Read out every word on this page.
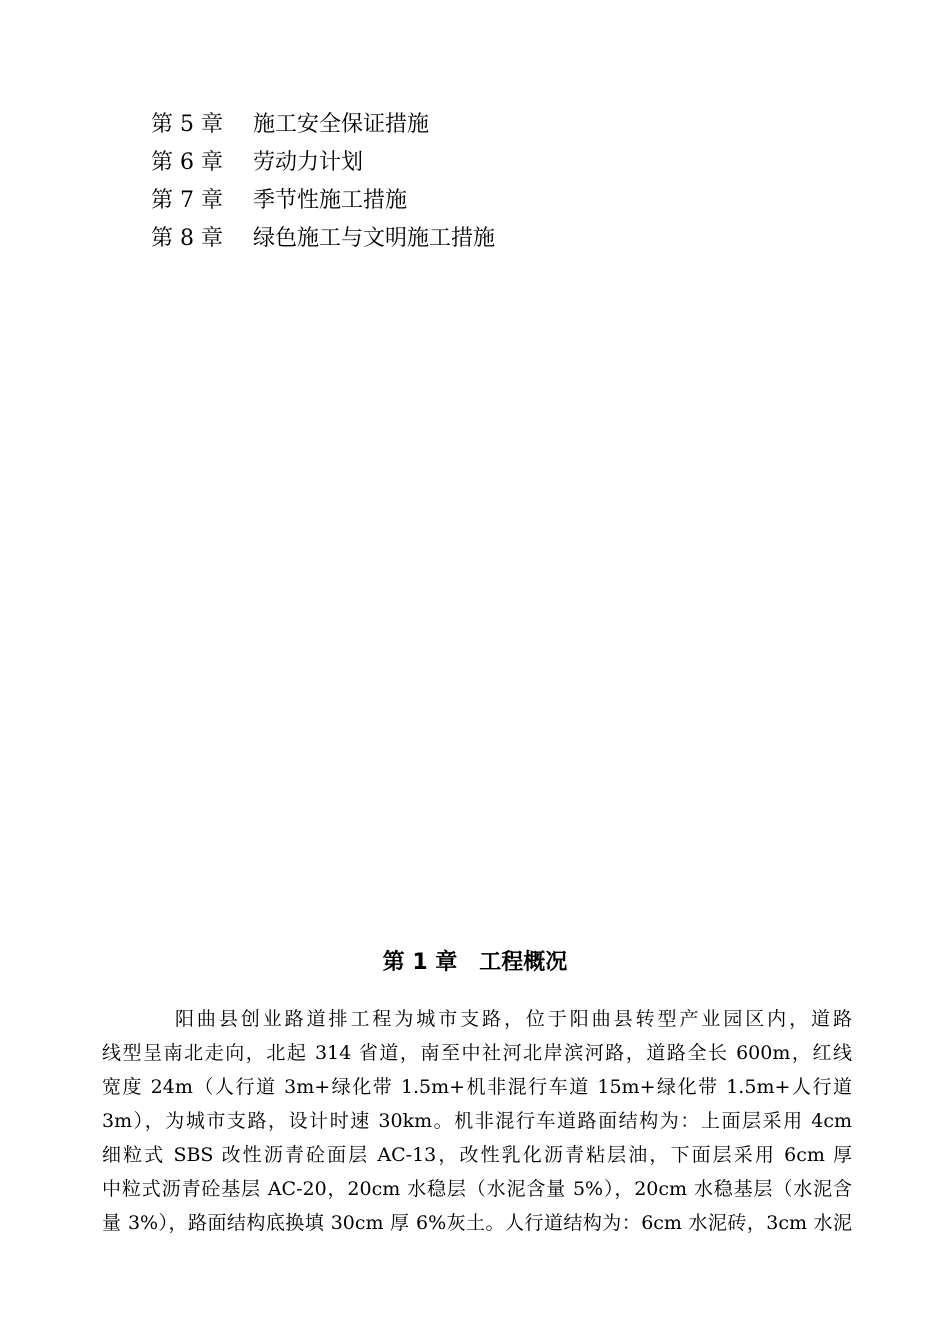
第 5 章	施工安全保证措施
第 6 章	劳动力计划
第 7 章	季节性施工措施
第 8 章	绿色施工与文明施工措施
第 1 章　工程概况
阳曲县创业路道排工程为城市支路，位于阳曲县转型产业园区内，道路
线型呈南北走向，北起 314 省道，南至中社河北岸滨河路，道路全长 600m，红线
宽度 24m（人行道 3m+绿化带 1.5m+机非混行车道 15m+绿化带 1.5m+人行道
3m），为城市支路，设计时速 30km。机非混行车道路面结构为：上面层采用 4cm
细粒式 SBS 改性沥青砼面层 AC-13，改性乳化沥青粘层油，下面层采用 6cm 厚
中粒式沥青砼基层 AC-20，20cm 水稳层（水泥含量 5%），20cm 水稳基层（水泥含
量 3%），路面结构底换填 30cm 厚 6%灰土。人行道结构为：6cm 水泥砖，3cm 水泥
